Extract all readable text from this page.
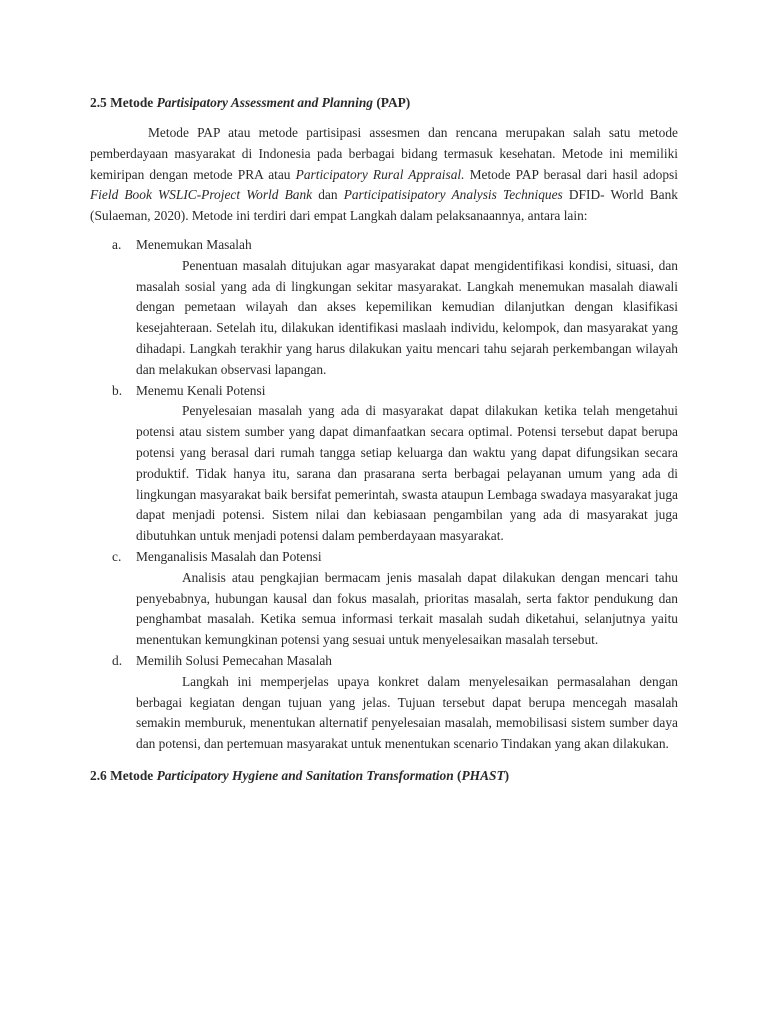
2.5 Metode Partisipatory Assessment and Planning (PAP)

Metode PAP atau metode partisipasi assesmen dan rencana merupakan salah satu metode pemberdayaan masyarakat di Indonesia pada berbagai bidang termasuk kesehatan. Metode ini memiliki kemiripan dengan metode PRA atau Participatory Rural Appraisal. Metode PAP berasal dari hasil adopsi Field Book WSLIC-Project World Bank dan Participatisipatory Analysis Techniques DFID- World Bank (Sulaeman, 2020). Metode ini terdiri dari empat Langkah dalam pelaksanaannya, antara lain:

a. Menemukan Masalah

Penentuan masalah ditujukan agar masyarakat dapat mengidentifikasi kondisi, situasi, dan masalah sosial yang ada di lingkungan sekitar masyarakat. Langkah menemukan masalah diawali dengan pemetaan wilayah dan akses kepemilikan kemudian dilanjutkan dengan klasifikasi kesejahteraan. Setelah itu, dilakukan identifikasi maslaah individu, kelompok, dan masyarakat yang dihadapi. Langkah terakhir yang harus dilakukan yaitu mencari tahu sejarah perkembangan wilayah dan melakukan observasi lapangan.

b. Menemu Kenali Potensi

Penyelesaian masalah yang ada di masyarakat dapat dilakukan ketika telah mengetahui potensi atau sistem sumber yang dapat dimanfaatkan secara optimal. Potensi tersebut dapat berupa potensi yang berasal dari rumah tangga setiap keluarga dan waktu yang dapat difungsikan secara produktif. Tidak hanya itu, sarana dan prasarana serta berbagai pelayanan umum yang ada di lingkungan masyarakat baik bersifat pemerintah, swasta ataupun Lembaga swadaya masyarakat juga dapat menjadi potensi. Sistem nilai dan kebiasaan pengambilan yang ada di masyarakat juga dibutuhkan untuk menjadi potensi dalam pemberdayaan masyarakat.

c. Menganalisis Masalah dan Potensi

Analisis atau pengkajian bermacam jenis masalah dapat dilakukan dengan mencari tahu penyebabnya, hubungan kausal dan fokus masalah, prioritas masalah, serta faktor pendukung dan penghambat masalah. Ketika semua informasi terkait masalah sudah diketahui, selanjutnya yaitu menentukan kemungkinan potensi yang sesuai untuk menyelesaikan masalah tersebut.

d. Memilih Solusi Pemecahan Masalah

Langkah ini memperjelas upaya konkret dalam menyelesaikan permasalahan dengan berbagai kegiatan dengan tujuan yang jelas. Tujuan tersebut dapat berupa mencegah masalah semakin memburuk, menentukan alternatif penyelesaian masalah, memobilisasi sistem sumber daya dan potensi, dan pertemuan masyarakat untuk menentukan scenario Tindakan yang akan dilakukan.

2.6 Metode Participatory Hygiene and Sanitation Transformation (PHAST)
